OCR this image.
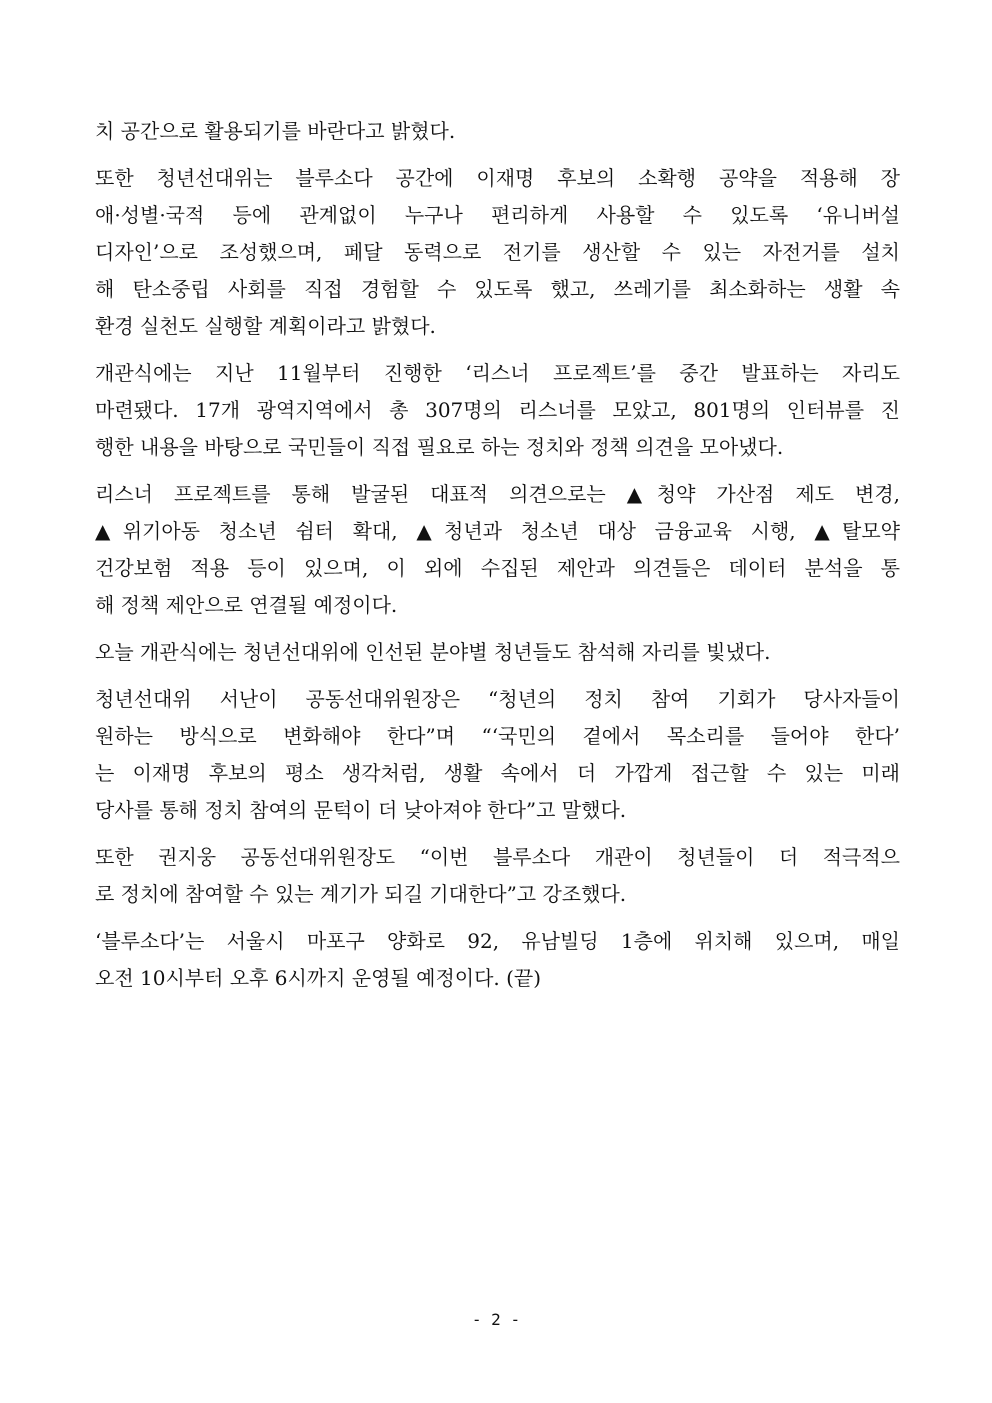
치 공간으로 활용되기를 바란다고 밝혔다.
또한 청년선대위는 블루소다 공간에 이재명 후보의 소확행 공약을 적용해 장
애·성별·국적 등에 관계없이 누구나 편리하게 사용할 수 있도록 ‘유니버설
디자인’으로 조성했으며, 페달 동력으로 전기를 생산할 수 있는 자전거를 설치
해 탄소중립 사회를 직접 경험할 수 있도록 했고, 쓰레기를 최소화하는 생활 속
환경 실천도 실행할 계획이라고 밝혔다.
개관식에는 지난 11월부터 진행한 ‘리스너 프로젝트’를 중간 발표하는 자리도
마련됐다. 17개 광역지역에서 총 307명의 리스너를 모았고, 801명의 인터뷰를 진
행한 내용을 바탕으로 국민들이 직접 필요로 하는 정치와 정책 의견을 모아냈다.
리스너 프로젝트를 통해 발굴된 대표적 의견으로는 ▲청약 가산점 제도 변경,
▲위기아동 청소년 쉼터 확대, ▲청년과 청소년 대상 금융교육 시행, ▲탈모약
건강보험 적용 등이 있으며, 이 외에 수집된 제안과 의견들은 데이터 분석을 통
해 정책 제안으로 연결될 예정이다.
오늘 개관식에는 청년선대위에 인선된 분야별 청년들도 참석해 자리를 빛냈다.
청년선대위 서난이 공동선대위원장은 “청년의 정치 참여 기회가 당사자들이
원하는 방식으로 변화해야 한다”며 “‘국민의 곁에서 목소리를 들어야 한다’
는 이재명 후보의 평소 생각처럼, 생활 속에서 더 가깝게 접근할 수 있는 미래
당사를 통해 정치 참여의 문턱이 더 낮아져야 한다”고 말했다.
또한 권지웅 공동선대위원장도 “이번 블루소다 개관이 청년들이 더 적극적으
로 정치에 참여할 수 있는 계기가 되길 기대한다”고 강조했다.
‘블루소다’는 서울시 마포구 양화로 92, 유남빌딩 1층에 위치해 있으며, 매일
오전 10시부터 오후 6시까지 운영될 예정이다. (끝)
- 2 -
